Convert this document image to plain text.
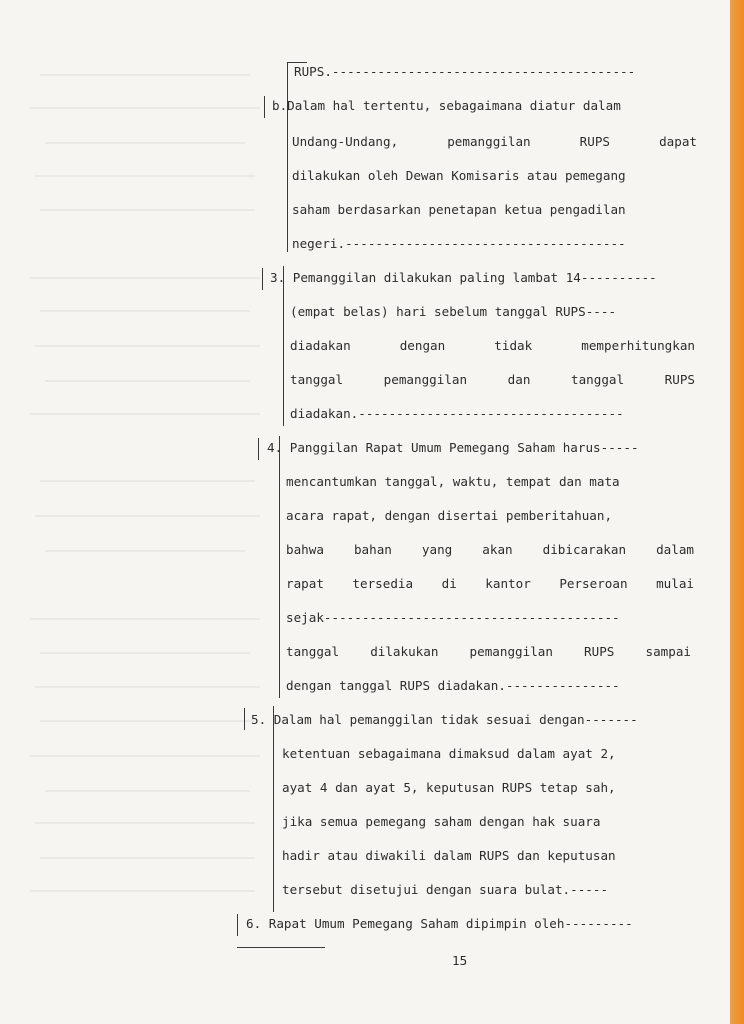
RUPS.----------------------------------------
b.Dalam hal tertentu, sebagaimana diatur dalam
Undang-Undang, pemanggilan RUPS dapat
dilakukan oleh Dewan Komisaris atau pemegang
saham berdasarkan penetapan ketua pengadilan
negeri.-------------------------------------
3. Pemanggilan dilakukan paling lambat 14----------
(empat belas) hari sebelum tanggal RUPS----
diadakan dengan tidak memperhitungkan
tanggal pemanggilan dan tanggal RUPS
diadakan.-----------------------------------
4. Panggilan Rapat Umum Pemegang Saham harus-----
mencantumkan tanggal, waktu, tempat dan mata
acara rapat, dengan disertai pemberitahuan,
bahwa bahan yang akan dibicarakan dalam
rapat tersedia di kantor Perseroan mulai
sejak---------------------------------------
tanggal dilakukan pemanggilan RUPS sampai
dengan tanggal RUPS diadakan.---------------
5. Dalam hal pemanggilan tidak sesuai dengan-------
ketentuan sebagaimana dimaksud dalam ayat 2,
ayat 4 dan ayat 5, keputusan RUPS tetap sah,
jika semua pemegang saham dengan hak suara
hadir atau diwakili dalam RUPS dan keputusan
tersebut disetujui dengan suara bulat.-----
6. Rapat Umum Pemegang Saham dipimpin oleh---------
15
